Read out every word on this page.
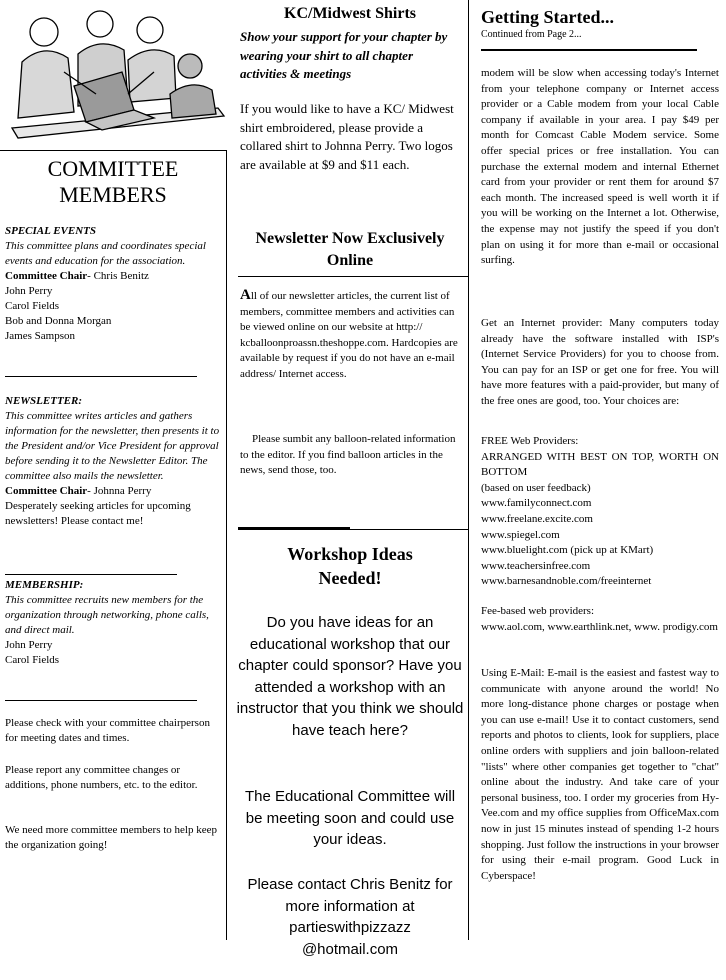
COMMITTEE MEMBERS
SPECIAL EVENTS
This committee plans and coordinates special events and education for the association.
Committee Chair- Chris Benitz
John Perry
Carol Fields
Bob and Donna Morgan
James Sampson
NEWSLETTER:
This committee writes articles and gathers information for the newsletter, then presents it to the President and/or Vice President for approval before sending it to the Newsletter Editor. The committee also mails the newsletter.
Committee Chair- Johnna Perry
Desperately seeking articles for upcoming newsletters! Please contact me!
MEMBERSHIP:
This committee recruits new members for the organization through networking, phone calls, and direct mail.
John Perry
Carol Fields
Please check with your committee chairperson for meeting dates and times.
Please report any committee changes or additions, phone numbers, etc. to the editor.
We need more committee members to help keep the organization going!
KC/Midwest Shirts
Show your support for your chapter by wearing your shirt to all chapter activities & meetings
If you would like to have a KC/ Midwest shirt embroidered, please provide a collared shirt to Johnna Perry. Two logos are available at $9 and $11 each.
Newsletter Now Exclusively Online
All of our newsletter articles, the current list of members, committee members and activities can be viewed online on our website at http:// kcballoonproassn.theshoppe.com. Hardcopies are available by request if you do not have an e-mail address/ Internet access.
Please sumbit any balloon-related information to the editor. If you find balloon articles in the news, send those, too.
Workshop Ideas Needed!
Do you have ideas for an educational workshop that our chapter could sponsor? Have you attended a workshop with an instructor that you think we should have teach here?
The Educational Committee will be meeting soon and could use your ideas.
Please contact Chris Benitz for more information at partieswithpizzazz @hotmail.com
Getting Started...
Continued from Page 2...
modem will be slow when accessing today's Internet from your telephone company or Internet access provider or a Cable modem from your local Cable company if available in your area. I pay $49 per month for Comcast Cable Modem service. Some offer special prices or free installation. You can purchase the external modem and internal Ethernet card from your provider or rent them for around $7 each month. The increased speed is well worth it if you will be working on the Internet a lot. Otherwise, the expense may not justify the speed if you don't plan on using it for more than e-mail or occasional surfing.
Get an Internet provider: Many computers today already have the software installed with ISP's (Internet Service Providers) for you to choose from. You can pay for an ISP or get one for free. You will have more features with a paid-provider, but many of the free ones are good, too. Your choices are:
FREE Web Providers:
ARRANGED WITH BEST ON TOP, WORTH ON BOTTOM
(based on user feedback)
www.familyconnect.com
www.freelane.excite.com
www.spiegel.com
www.bluelight.com (pick up at KMart)
www.teachersinfree.com
www.barnesandnoble.com/freeinternet
Fee-based web providers:
www.aol.com, www.earthlink.net, www. prodigy.com
Using E-Mail: E-mail is the easiest and fastest way to communicate with anyone around the world! No more long-distance phone charges or postage when you can use e-mail! Use it to contact customers, send reports and photos to clients, look for suppliers, place online orders with suppliers and join balloon-related "lists" where other companies get together to "chat" online about the industry. And take care of your personal business, too. I order my groceries from Hy-Vee.com and my office supplies from OfficeMax.com now in just 15 minutes instead of spending 1-2 hours shopping. Just follow the instructions in your browser for using their e-mail program. Good Luck in Cyberspace!
